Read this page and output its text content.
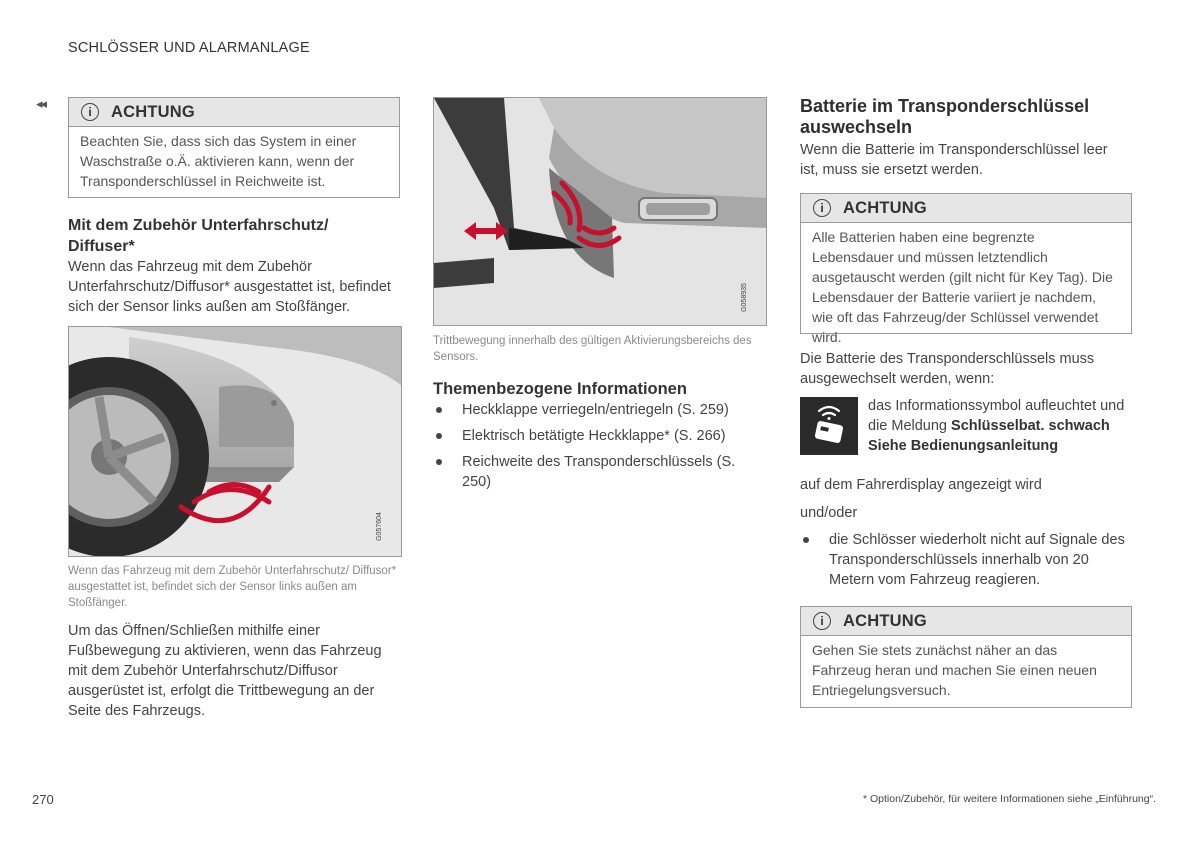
SCHLÖSSER UND ALARMANLAGE
◂◂
i	ACHTUNG
Beachten Sie, dass sich das System in einer Waschstraße o.Ä. aktivieren kann, wenn der Transponderschlüssel in Reichweite ist.
Mit dem Zubehör Unterfahrschutz/ Diffuser*
Wenn das Fahrzeug mit dem Zubehör Unterfahrschutz/Diffusor* ausgestattet ist, befindet sich der Sensor links außen am Stoßfänger.
G057604
Wenn das Fahrzeug mit dem Zubehör Unterfahrschutz/ Diffusor* ausgestattet ist, befindet sich der Sensor links außen am Stoßfänger.
Um das Öffnen/Schließen mithilfe einer Fußbewegung zu aktivieren, wenn das Fahrzeug mit dem Zubehör Unterfahrschutz/Diffusor ausgerüstet ist, erfolgt die Trittbewegung an der Seite des Fahrzeugs.
G058935
Trittbewegung innerhalb des gültigen Aktivierungsbereichs des Sensors.
Themenbezogene Informationen
Heckklappe verriegeln/entriegeln (S. 259)
Elektrisch betätigte Heckklappe* (S. 266)
Reichweite des Transponderschlüssels (S. 250)
Batterie im Transponderschlüssel auswechseln
Wenn die Batterie im Transponderschlüssel leer ist, muss sie ersetzt werden.
i	ACHTUNG
Alle Batterien haben eine begrenzte Lebensdauer und müssen letztendlich ausgetauscht werden (gilt nicht für Key Tag). Die Lebensdauer der Batterie variiert je nachdem, wie oft das Fahrzeug/der Schlüssel verwendet wird.
Die Batterie des Transponderschlüssels muss ausgewechselt werden, wenn:
das Informationssymbol aufleuchtet und die Meldung Schlüsselbat. schwach Siehe Bedienungsanleitung
auf dem Fahrerdisplay angezeigt wird
und/oder
die Schlösser wiederholt nicht auf Signale des Transponderschlüssels innerhalb von 20 Metern vom Fahrzeug reagieren.
i	ACHTUNG
Gehen Sie stets zunächst näher an das Fahrzeug heran und machen Sie einen neuen Entriegelungsversuch.
270	* Option/Zubehör, für weitere Informationen siehe „Einführung“.
